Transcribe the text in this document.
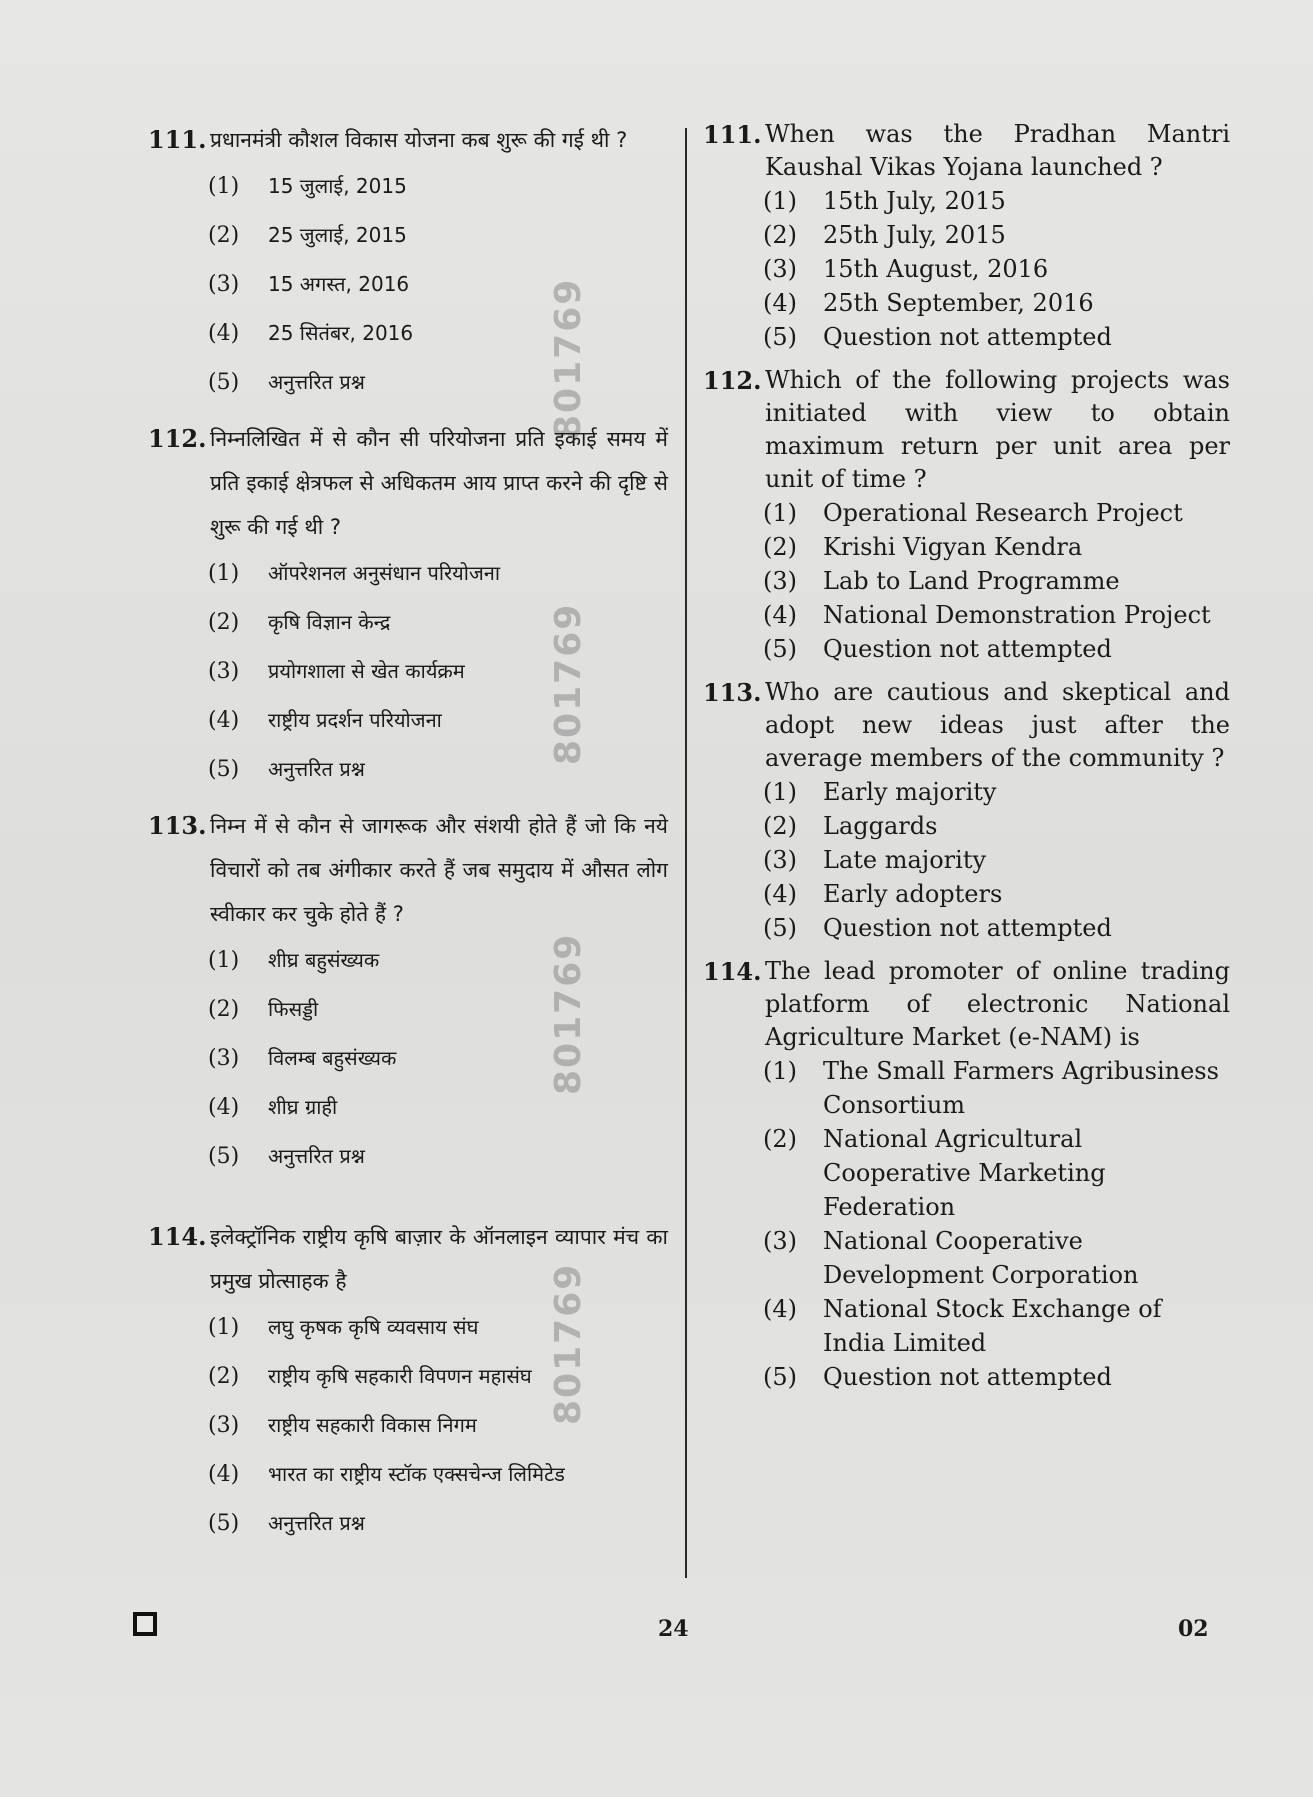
801769
801769
801769
801769
111. प्रधानमंत्री कौशल विकास योजना कब शुरू की गई थी ?
(1)	15 जुलाई, 2015
(2)	25 जुलाई, 2015
(3)	15 अगस्त, 2016
(4)	25 सितंबर, 2016
(5)	अनुत्तरित प्रश्न
112. निम्नलिखित में से कौन सी परियोजना प्रति इकाई समय में प्रति इकाई क्षेत्रफल से अधिकतम आय प्राप्त करने की दृष्टि से शुरू की गई थी ?
(1)	ऑपरेशनल अनुसंधान परियोजना
(2)	कृषि विज्ञान केन्द्र
(3)	प्रयोगशाला से खेत कार्यक्रम
(4)	राष्ट्रीय प्रदर्शन परियोजना
(5)	अनुत्तरित प्रश्न
113. निम्न में से कौन से जागरूक और संशयी होते हैं जो कि नये विचारों को तब अंगीकार करते हैं जब समुदाय में औसत लोग स्वीकार कर चुके होते हैं ?
(1)	शीघ्र बहुसंख्यक
(2)	फिसड्डी
(3)	विलम्ब बहुसंख्यक
(4)	शीघ्र ग्राही
(5)	अनुत्तरित प्रश्न
114. इलेक्ट्रॉनिक राष्ट्रीय कृषि बाज़ार के ऑनलाइन व्यापार मंच का प्रमुख प्रोत्साहक है
(1)	लघु कृषक कृषि व्यवसाय संघ
(2)	राष्ट्रीय कृषि सहकारी विपणन महासंघ
(3)	राष्ट्रीय सहकारी विकास निगम
(4)	भारत का राष्ट्रीय स्टॉक एक्सचेन्ज लिमिटेड
(5)	अनुत्तरित प्रश्न
111. When was the Pradhan Mantri Kaushal Vikas Yojana launched ?
(1)	15th July, 2015
(2)	25th July, 2015
(3)	15th August, 2016
(4)	25th September, 2016
(5)	Question not attempted
112. Which of the following projects was initiated with view to obtain maximum return per unit area per unit of time ?
(1)	Operational Research Project
(2)	Krishi Vigyan Kendra
(3)	Lab to Land Programme
(4)	National Demonstration Project
(5)	Question not attempted
113. Who are cautious and skeptical and adopt new ideas just after the average members of the community ?
(1)	Early majority
(2)	Laggards
(3)	Late majority
(4)	Early adopters
(5)	Question not attempted
114. The lead promoter of online trading platform of electronic National Agriculture Market (e-NAM) is
(1)	The Small Farmers Agribusiness Consortium
(2)	National Agricultural Cooperative Marketing Federation
(3)	National Cooperative Development Corporation
(4)	National Stock Exchange of India Limited
(5)	Question not attempted
24	02
